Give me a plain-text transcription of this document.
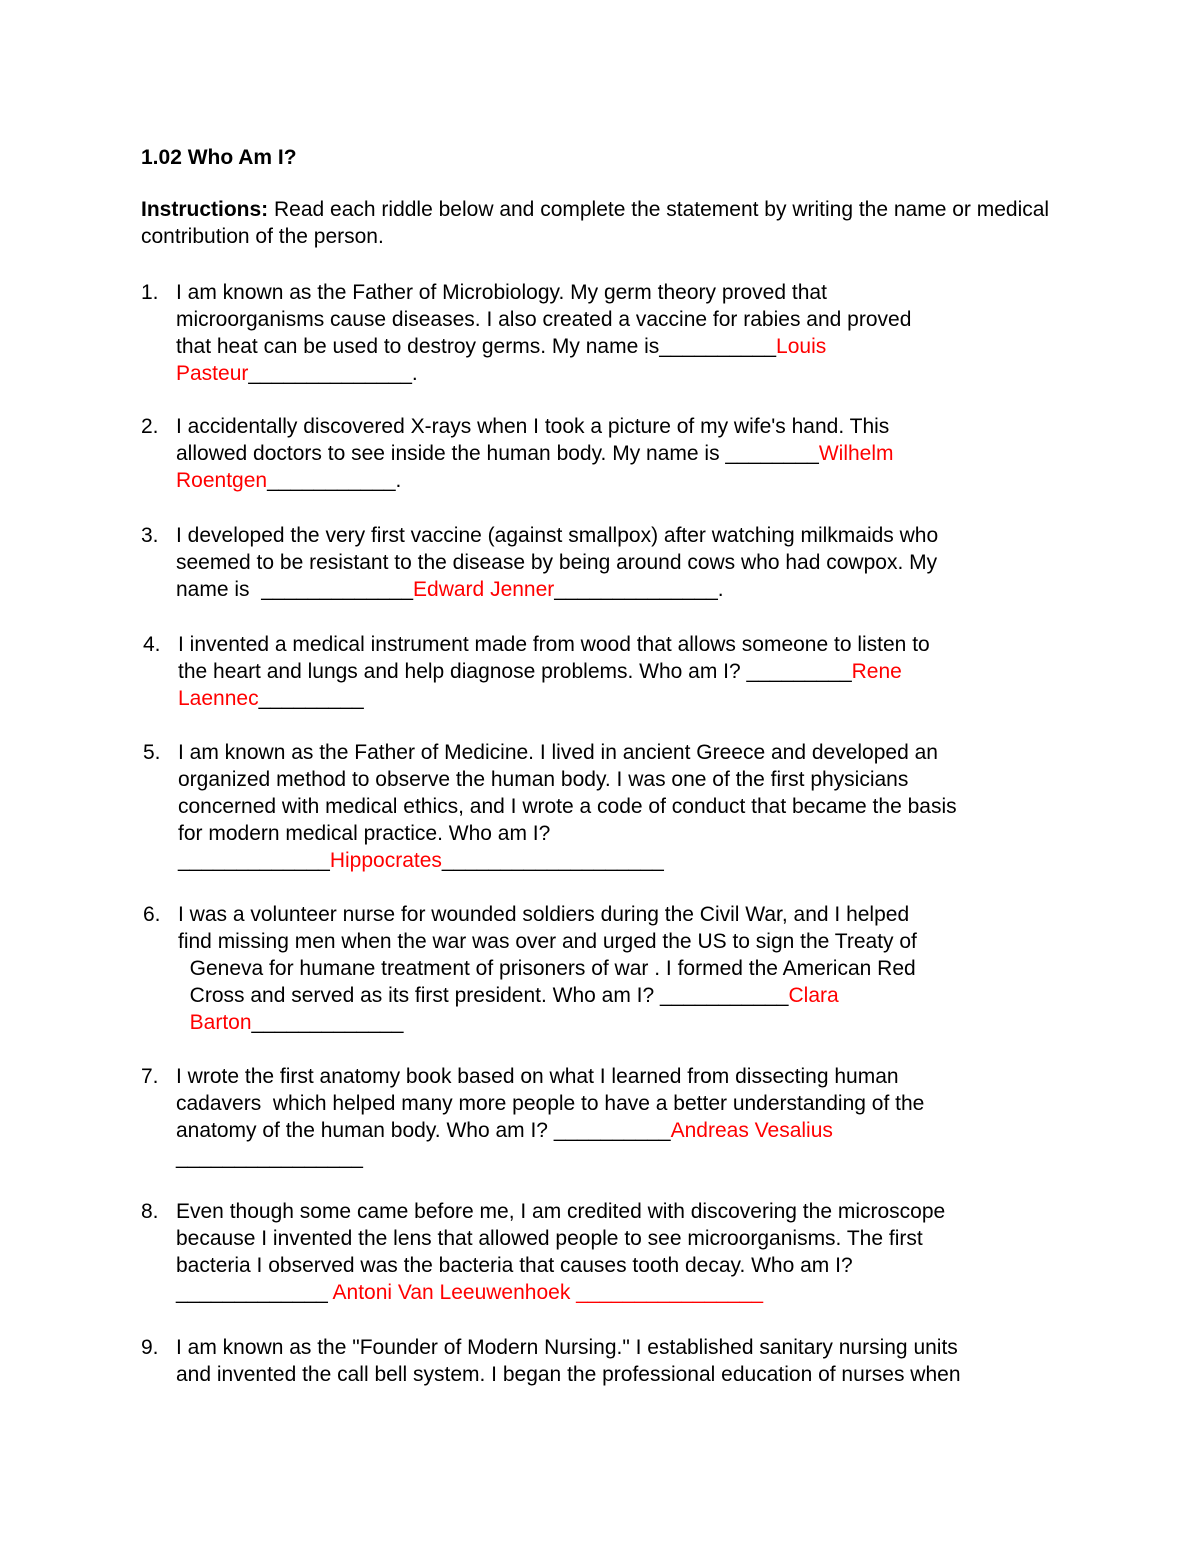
1.02 Who Am I?
Instructions: Read each riddle below and complete the statement by writing the name or medical contribution of the person.
1. I am known as the Father of Microbiology. My germ theory proved that
microorganisms cause diseases. I also created a vaccine for rabies and proved
that heat can be used to destroy germs. My name is__________Louis
Pasteur______________.
2. I accidentally discovered X-rays when I took a picture of my wife's hand. This
allowed doctors to see inside the human body. My name is ________Wilhelm
Roentgen___________.
3. I developed the very first vaccine (against smallpox) after watching milkmaids who
seemed to be resistant to the disease by being around cows who had cowpox. My
name is  _____________Edward Jenner______________.
4. I invented a medical instrument made from wood that allows someone to listen to
the heart and lungs and help diagnose problems. Who am I? _________Rene
Laennec_________
5. I am known as the Father of Medicine. I lived in ancient Greece and developed an
organized method to observe the human body. I was one of the first physicians
concerned with medical ethics, and I wrote a code of conduct that became the basis
for modern medical practice. Who am I?
_____________Hippocrates___________________
6. I was a volunteer nurse for wounded soldiers during the Civil War, and I helped
find missing men when the war was over and urged the US to sign the Treaty of
Geneva for humane treatment of prisoners of war . I formed the American Red
Cross and served as its first president. Who am I? ___________Clara
Barton_____________
7. I wrote the first anatomy book based on what I learned from dissecting human
cadavers  which helped many more people to have a better understanding of the
anatomy of the human body. Who am I? __________Andreas Vesalius
________________
8. Even though some came before me, I am credited with discovering the microscope
because I invented the lens that allowed people to see microorganisms. The first
bacteria I observed was the bacteria that causes tooth decay. Who am I?
_____________ Antoni Van Leeuwenhoek ________________
9. I am known as the "Founder of Modern Nursing." I established sanitary nursing units
and invented the call bell system. I began the professional education of nurses when
